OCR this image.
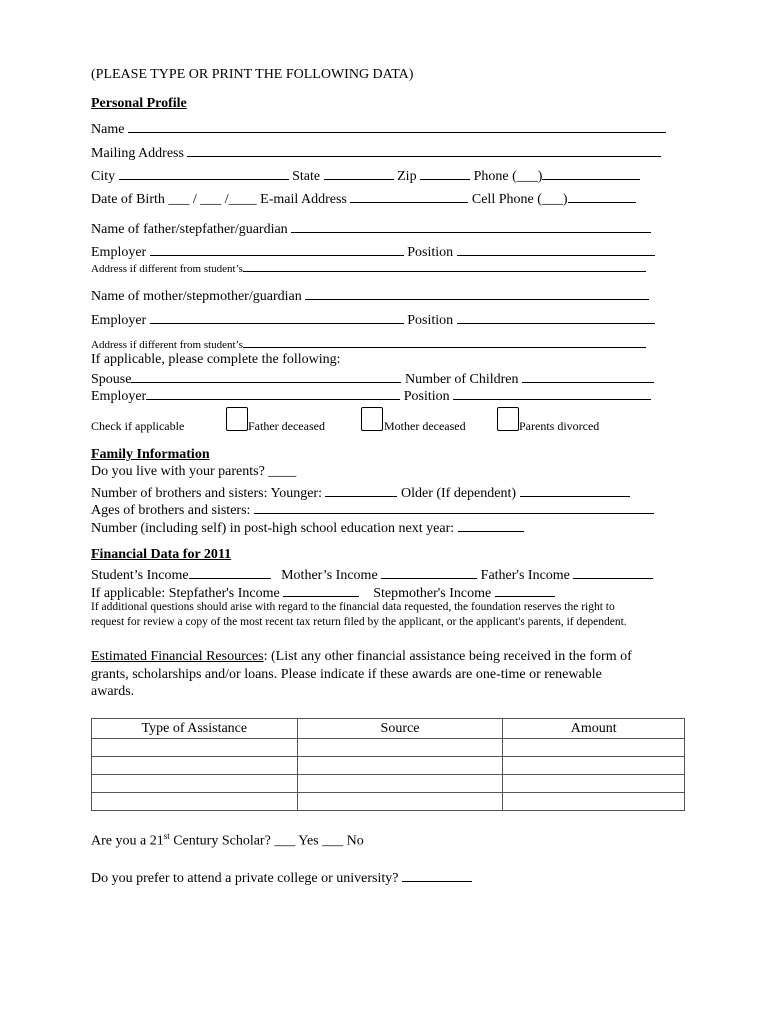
(PLEASE TYPE OR PRINT THE FOLLOWING DATA)
Personal Profile
Name
Mailing Address
City	State	Zip	Phone (___)
Date of Birth ___ / ___ /____ E-mail Address	Cell Phone (___)
Name of father/stepfather/guardian
Employer	Position
Address if different from student’s
Name of mother/stepmother/guardian
Employer	Position
Address if different from student’s
If applicable, please complete the following:
Spouse	Number of Children
Employer	Position
Check if applicable	Father deceased	Mother deceased	Parents divorced
Family Information
Do you live with your parents? ____
Number of brothers and sisters: Younger:	Older (If dependent)
Ages of brothers and sisters:
Number (including self) in post-high school education next year:
Financial Data for 2011
Student’s Income	Mother’s Income	Father's Income
If applicable: Stepfather's Income	Stepmother's Income
If additional questions should arise with regard to the financial data requested, the foundation reserves the right to
request for review a copy of the most recent tax return filed by the applicant, or the applicant's parents, if dependent.
Estimated Financial Resources: (List any other financial assistance being received in the form of
grants, scholarships and/or loans. Please indicate if these awards are one-time or renewable
awards.
Type of Assistance	Source	Amount

Are you a 21st Century Scholar? ___ Yes ___ No
Do you prefer to attend a private college or university?
